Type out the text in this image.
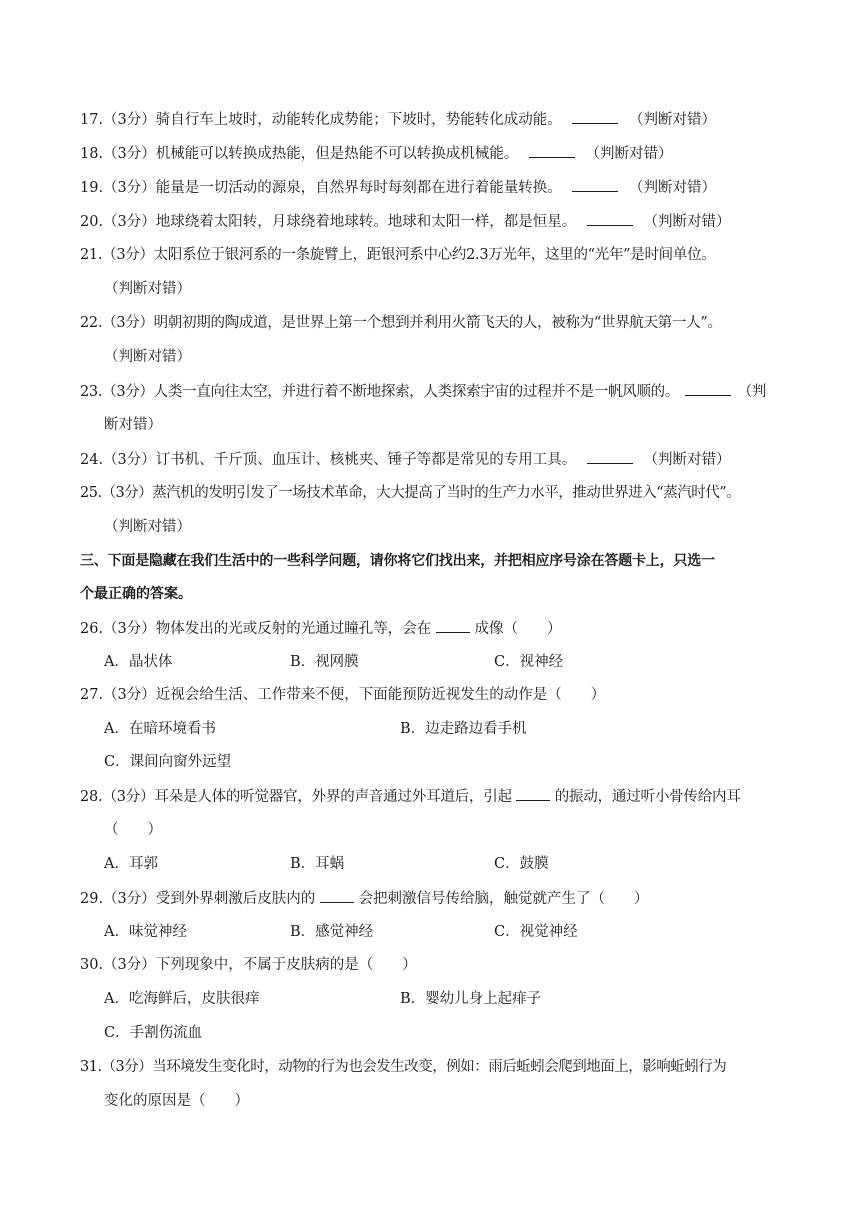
17.（3分）骑自行车上坡时，动能转化成势能；下坡时，势能转化成动能。	（判断对错）
18.（3分）机械能可以转换成热能，但是热能不可以转换成机械能。	（判断对错）
19.（3分）能量是一切活动的源泉，自然界每时每刻都在进行着能量转换。	（判断对错）
20.（3分）地球绕着太阳转，月球绕着地球转。地球和太阳一样，都是恒星。	（判断对错）
21.（3分）太阳系位于银河系的一条旋臂上，距银河系中心约2.3万光年，这里的“光年”是时间单位。
（判断对错）
22.（3分）明朝初期的陶成道，是世界上第一个想到并利用火箭飞天的人，被称为“世界航天第一人”。
（判断对错）
23.（3分）人类一直向往太空，并进行着不断地探索，人类探索宇宙的过程并不是一帆风顺的。	（判
断对错）
24.（3分）订书机、千斤顶、血压计、核桃夹、锤子等都是常见的专用工具。	（判断对错）
25.（3分）蒸汽机的发明引发了一场技术革命，大大提高了当时的生产力水平，推动世界进入“蒸汽时代”。
（判断对错）
三、下面是隐藏在我们生活中的一些科学问题，请你将它们找出来，并把相应序号涂在答题卡上，只选一
个最正确的答案。
26.（3分）物体发出的光或反射的光通过瞳孔等，会在	成像（　　）
A．晶状体	B．视网膜	C．视神经
27.（3分）近视会给生活、工作带来不便，下面能预防近视发生的动作是（　　）
A．在暗环境看书	B．边走路边看手机
C．课间向窗外远望
28.（3分）耳朵是人体的听觉器官，外界的声音通过外耳道后，引起	的振动，通过听小骨传给内耳
（　　）
A．耳郭	B．耳蜗	C．鼓膜
29.（3分）受到外界刺激后皮肤内的	会把刺激信号传给脑，触觉就产生了（　　）
A．味觉神经	B．感觉神经	C．视觉神经
30.（3分）下列现象中，不属于皮肤病的是（　　）
A．吃海鲜后，皮肤很痒	B．婴幼儿身上起痱子
C．手割伤流血
31.（3分）当环境发生变化时，动物的行为也会发生改变，例如：雨后蚯蚓会爬到地面上，影响蚯蚓行为
变化的原因是（　　）
